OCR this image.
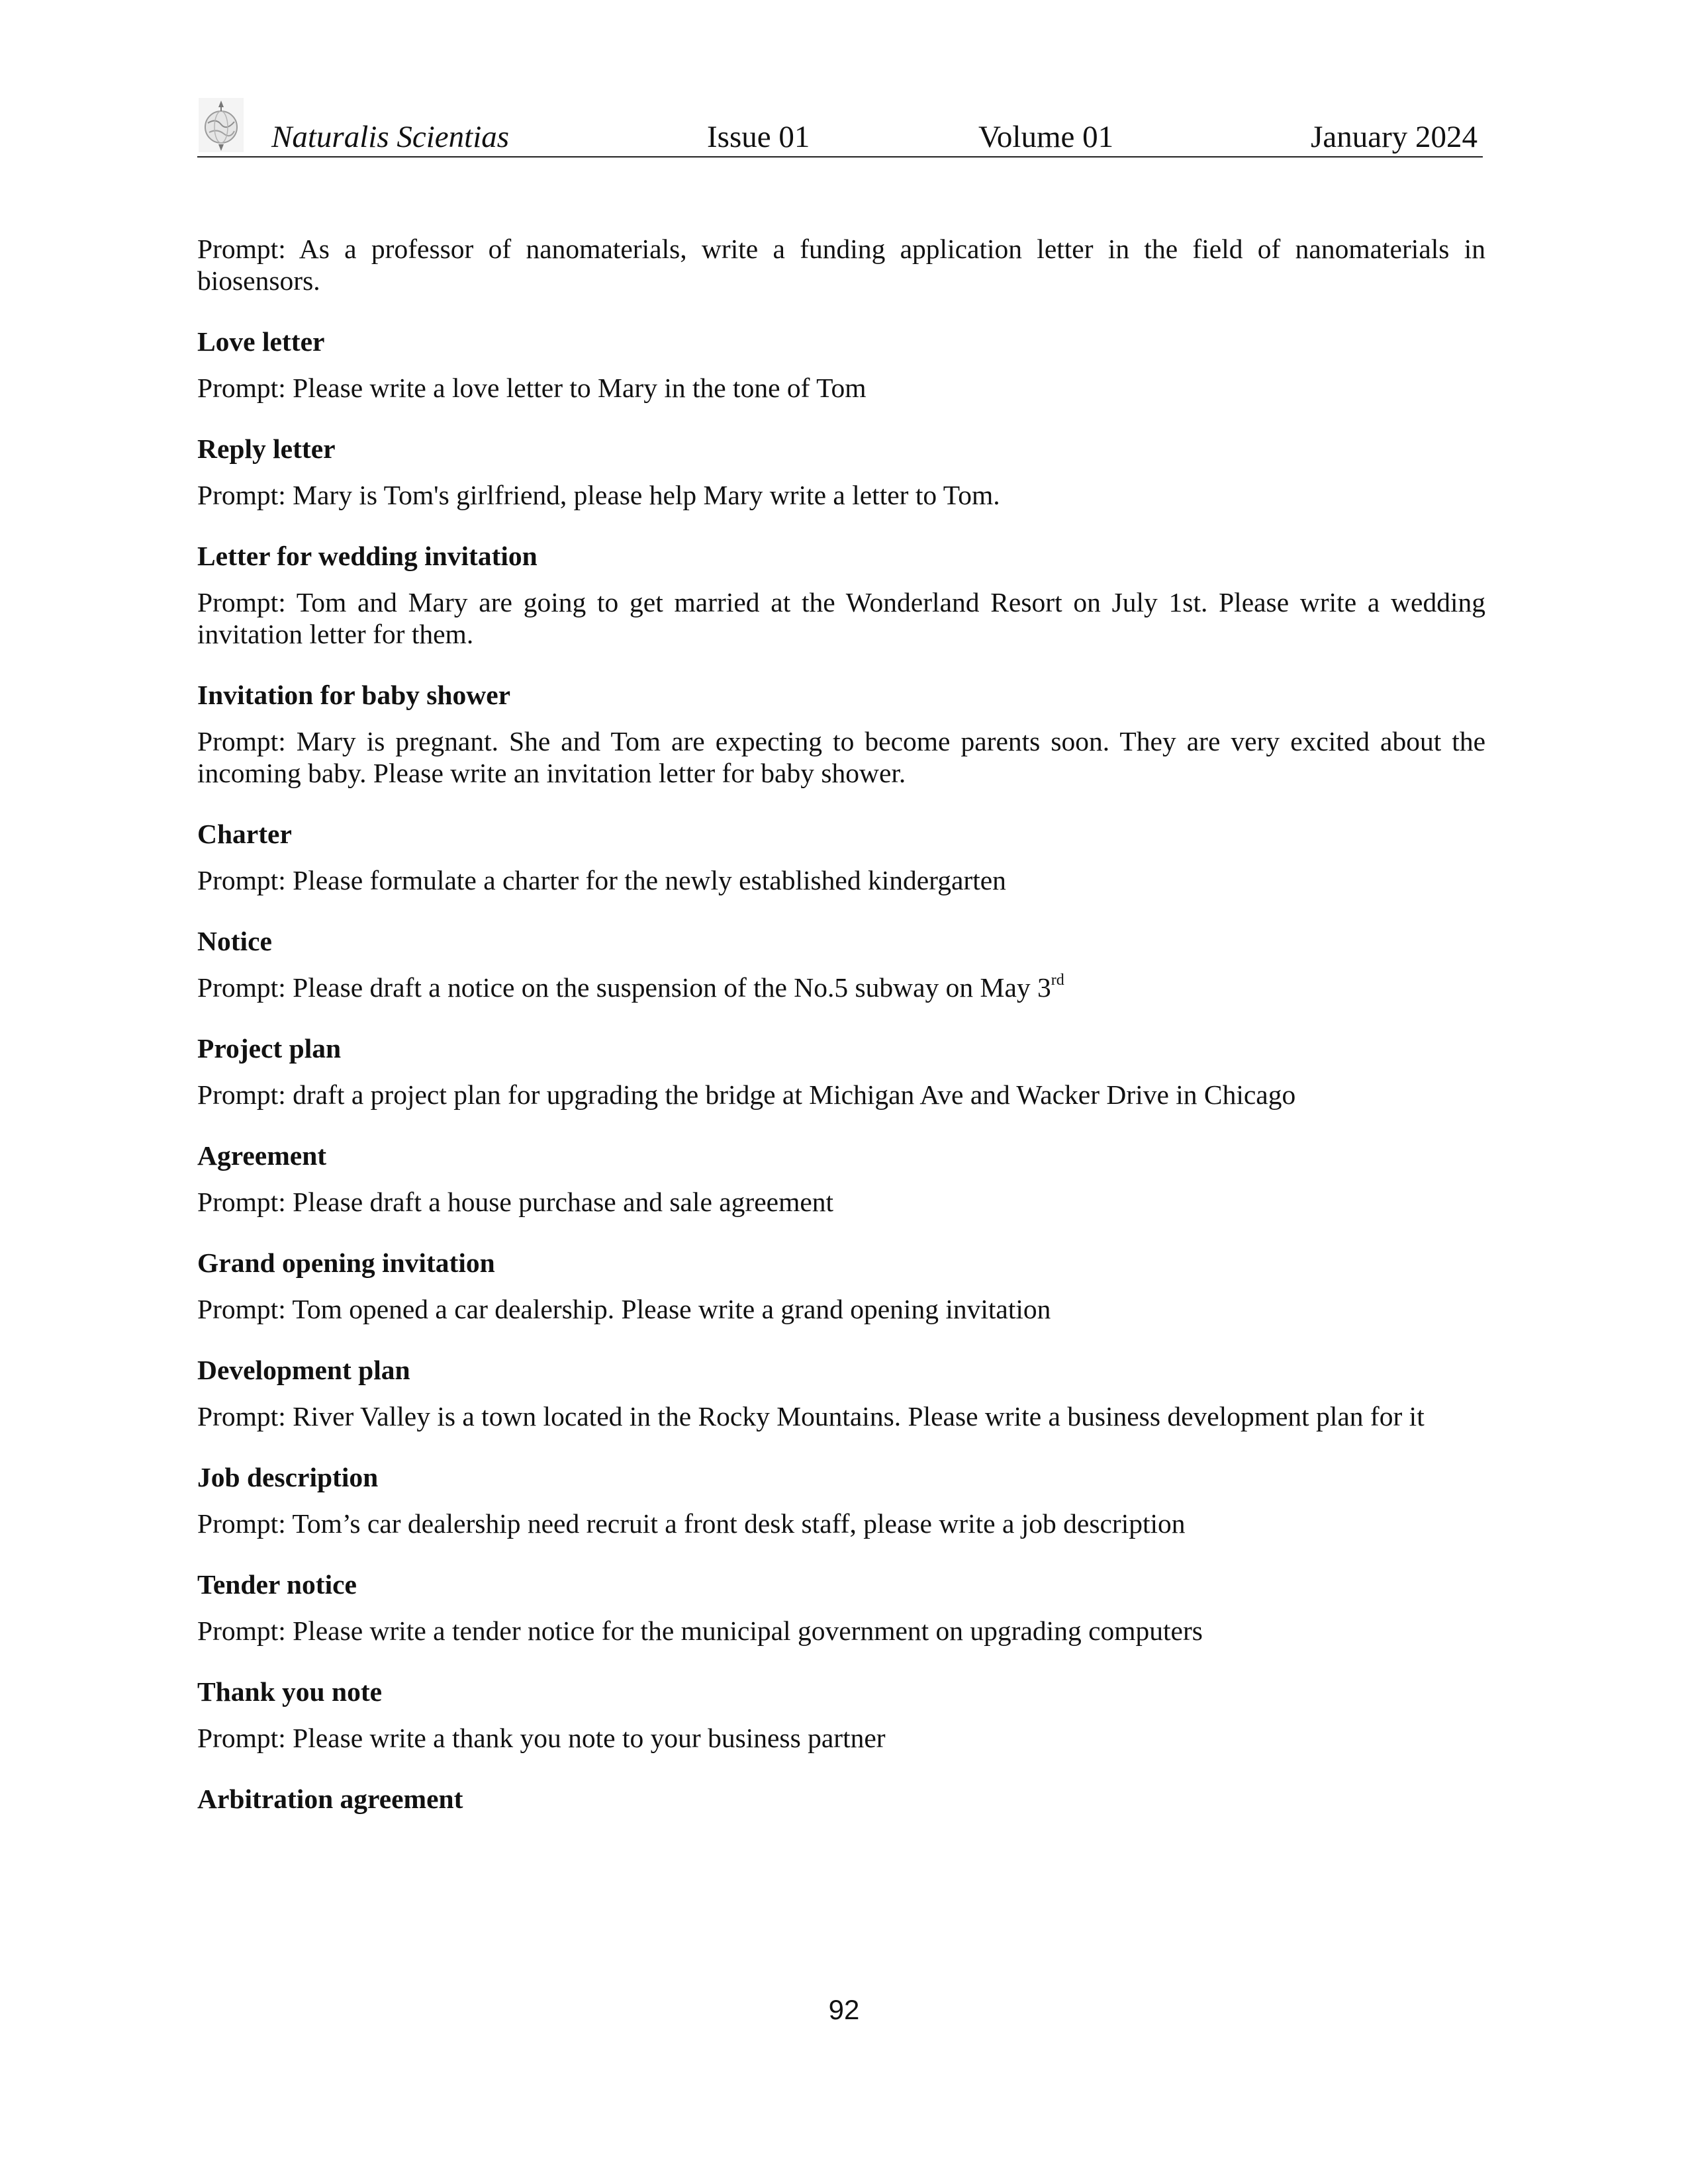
Naturalis Scientias	Issue 01	Volume 01	January 2024

Prompt: As a professor of nanomaterials, write a funding application letter in the field of nanomaterials in biosensors.

Love letter

Prompt: Please write a love letter to Mary in the tone of Tom

Reply letter

Prompt: Mary is Tom's girlfriend, please help Mary write a letter to Tom.

Letter for wedding invitation

Prompt: Tom and Mary are going to get married at the Wonderland Resort on July 1st. Please write a wedding invitation letter for them.

Invitation for baby shower

Prompt: Mary is pregnant. She and Tom are expecting to become parents soon. They are very excited about the incoming baby. Please write an invitation letter for baby shower.

Charter

Prompt: Please formulate a charter for the newly established kindergarten

Notice

Prompt: Please draft a notice on the suspension of the No.5 subway on May 3rd

Project plan

Prompt: draft a project plan for upgrading the bridge at Michigan Ave and Wacker Drive in Chicago

Agreement

Prompt: Please draft a house purchase and sale agreement

Grand opening invitation

Prompt: Tom opened a car dealership. Please write a grand opening invitation

Development plan

Prompt: River Valley is a town located in the Rocky Mountains. Please write a business development plan for it

Job description

Prompt: Tom’s car dealership need recruit a front desk staff, please write a job description

Tender notice

Prompt: Please write a tender notice for the municipal government on upgrading computers

Thank you note

Prompt: Please write a thank you note to your business partner

Arbitration agreement

92
